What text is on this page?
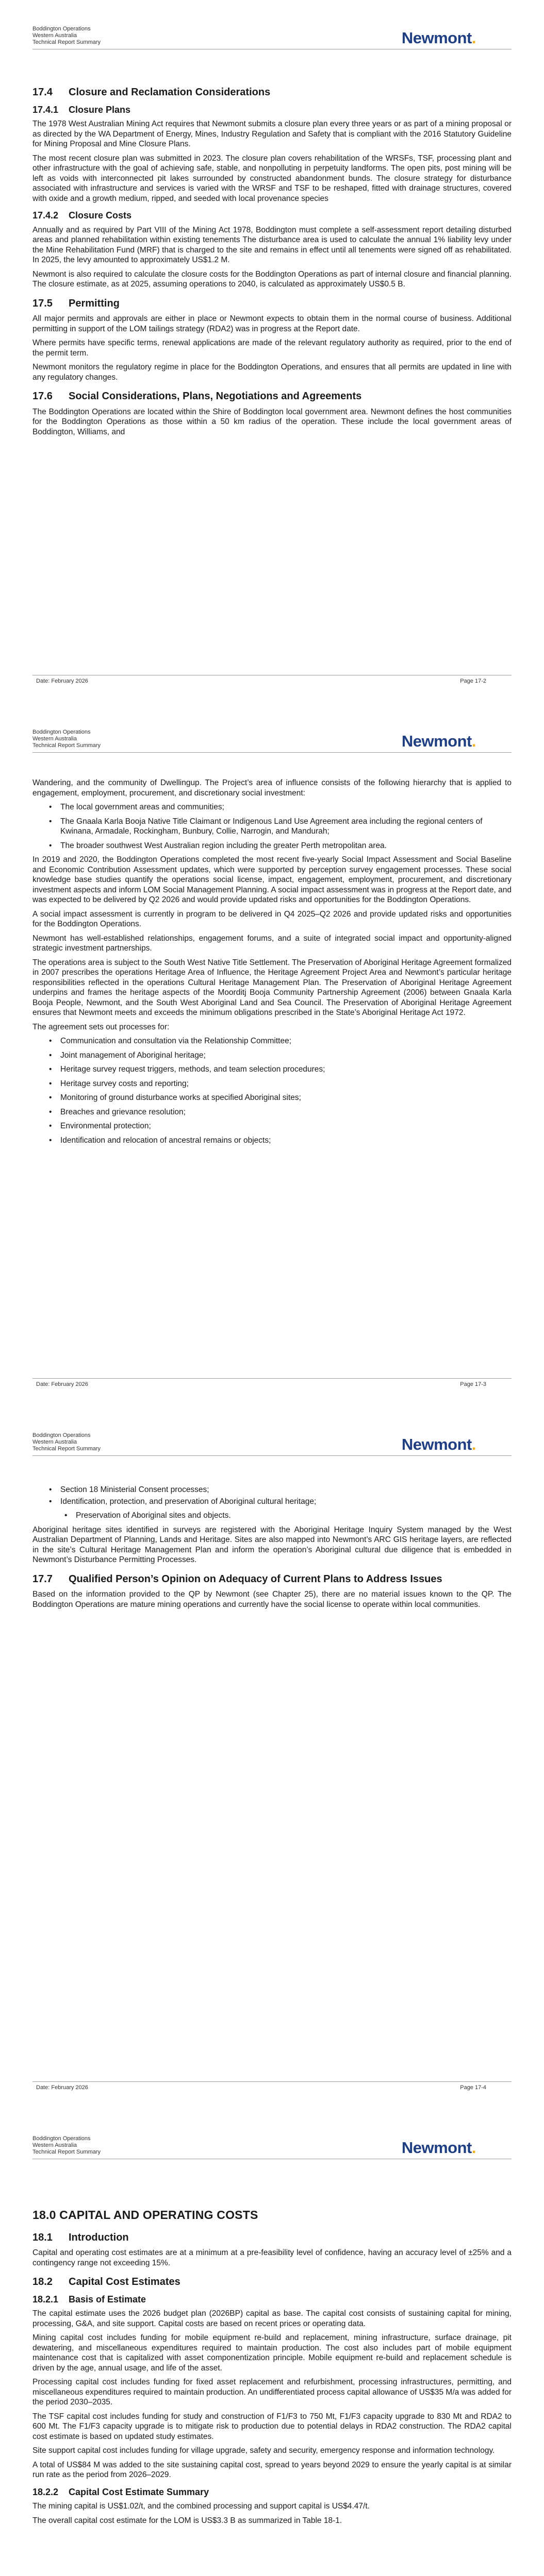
Boddington Operations
Western Australia
Technical Report Summary	Newmont.
17.4	Closure and Reclamation Considerations
17.4.1	Closure Plans

The 1978 West Australian Mining Act requires that Newmont submits a closure plan every three years or as part of a mining proposal or as directed by the WA Department of Energy, Mines, Industry Regulation and Safety that is compliant with the 2016 Statutory Guideline for Mining Proposal and Mine Closure Plans.

The most recent closure plan was submitted in 2023. The closure plan covers rehabilitation of the WRSFs, TSF, processing plant and other infrastructure with the goal of achieving safe, stable, and nonpolluting in perpetuity landforms. The open pits, post mining will be left as voids with interconnected pit lakes surrounded by constructed abandonment bunds. The closure strategy for disturbance associated with infrastructure and services is varied with the WRSF and TSF to be reshaped, fitted with drainage structures, covered with oxide and a growth medium, ripped, and seeded with local provenance species

17.4.2	Closure Costs

Annually and as required by Part VIII of the Mining Act 1978, Boddington must complete a self-assessment report detailing disturbed areas and planned rehabilitation within existing tenements The disturbance area is used to calculate the annual 1% liability levy under the Mine Rehabilitation Fund (MRF) that is charged to the site and remains in effect until all tenements were signed off as rehabilitated. In 2025, the levy amounted to approximately US$1.2 M.

Newmont is also required to calculate the closure costs for the Boddington Operations as part of internal closure and financial planning. The closure estimate, as at 2025, assuming operations to 2040, is calculated as approximately US$0.5 B.

17.5	Permitting

All major permits and approvals are either in place or Newmont expects to obtain them in the normal course of business. Additional permitting in support of the LOM tailings strategy (RDA2) was in progress at the Report date.

Where permits have specific terms, renewal applications are made of the relevant regulatory authority as required, prior to the end of the permit term.

Newmont monitors the regulatory regime in place for the Boddington Operations, and ensures that all permits are updated in line with any regulatory changes.

17.6	Social Considerations, Plans, Negotiations and Agreements

The Boddington Operations are located within the Shire of Boddington local government area. Newmont defines the host communities for the Boddington Operations as those within a 50 km radius of the operation. These include the local government areas of Boddington, Williams, and

Date: February 2026	Page 17-2
Boddington Operations
Western Australia
Technical Report Summary	Newmont.

Wandering, and the community of Dwellingup. The Project’s area of influence consists of the following hierarchy that is applied to engagement, employment, procurement, and discretionary social investment:

• The local government areas and communities;
• The Gnaala Karla Booja Native Title Claimant or Indigenous Land Use Agreement area including the regional centers of Kwinana, Armadale, Rockingham, Bunbury, Collie, Narrogin, and Mandurah;
• The broader southwest West Australian region including the greater Perth metropolitan area.

In 2019 and 2020, the Boddington Operations completed the most recent five-yearly Social Impact Assessment and Social Baseline and Economic Contribution Assessment updates, which were supported by perception survey engagement processes. These social knowledge base studies quantify the operations social license, impact, engagement, employment, procurement, and discretionary investment aspects and inform LOM Social Management Planning. A social impact assessment was in progress at the Report date, and was expected to be delivered by Q2 2026 and would provide updated risks and opportunities for the Boddington Operations.

A social impact assessment is currently in program to be delivered in Q4 2025–Q2 2026 and provide updated risks and opportunities for the Boddington Operations.

Newmont has well-established relationships, engagement forums, and a suite of integrated social impact and opportunity-aligned strategic investment partnerships.

The operations area is subject to the South West Native Title Settlement. The Preservation of Aboriginal Heritage Agreement formalized in 2007 prescribes the operations Heritage Area of Influence, the Heritage Agreement Project Area and Newmont’s particular heritage responsibilities reflected in the operations Cultural Heritage Management Plan. The Preservation of Aboriginal Heritage Agreement underpins and frames the heritage aspects of the Moorditj Booja Community Partnership Agreement (2006) between Gnaala Karla Booja People, Newmont, and the South West Aboriginal Land and Sea Council. The Preservation of Aboriginal Heritage Agreement ensures that Newmont meets and exceeds the minimum obligations prescribed in the State’s Aboriginal Heritage Act 1972.

The agreement sets out processes for:

• Communication and consultation via the Relationship Committee;
• Joint management of Aboriginal heritage;
• Heritage survey request triggers, methods, and team selection procedures;
• Heritage survey costs and reporting;
• Monitoring of ground disturbance works at specified Aboriginal sites;
• Breaches and grievance resolution;
• Environmental protection;
• Identification and relocation of ancestral remains or objects;
Date: February 2026	Page 17-3
Boddington Operations
Western Australia
Technical Report Summary	Newmont.
• Section 18 Ministerial Consent processes;
• Identification, protection, and preservation of Aboriginal cultural heritage;
• Preservation of Aboriginal sites and objects.

Aboriginal heritage sites identified in surveys are registered with the Aboriginal Heritage Inquiry System managed by the West Australian Department of Planning, Lands and Heritage. Sites are also mapped into Newmont’s ARC GIS heritage layers, are reflected in the site’s Cultural Heritage Management Plan and inform the operation’s Aboriginal cultural due diligence that is embedded in Newmont’s Disturbance Permitting Processes.

17.7	Qualified Person’s Opinion on Adequacy of Current Plans to Address Issues

Based on the information provided to the QP by Newmont (see Chapter 25), there are no material issues known to the QP. The Boddington Operations are mature mining operations and currently have the social license to operate within local communities.

Date: February 2026	Page 17-4
Boddington Operations
Western Australia
Technical Report Summary	Newmont.
18.0 CAPITAL AND OPERATING COSTS
18.1	Introduction

Capital and operating cost estimates are at a minimum at a pre-feasibility level of confidence, having an accuracy level of ±25% and a contingency range not exceeding 15%.

18.2	Capital Cost Estimates
18.2.1	Basis of Estimate

The capital estimate uses the 2026 budget plan (2026BP) capital as base. The capital cost consists of sustaining capital for mining, processing, G&A, and site support. Capital costs are based on recent prices or operating data.

Mining capital cost includes funding for mobile equipment re-build and replacement, mining infrastructure, surface drainage, pit dewatering, and miscellaneous expenditures required to maintain production. The cost also includes part of mobile equipment maintenance cost that is capitalized with asset componentization principle. Mobile equipment re-build and replacement schedule is driven by the age, annual usage, and life of the asset.

Processing capital cost includes funding for fixed asset replacement and refurbishment, processing infrastructures, permitting, and miscellaneous expenditures required to maintain production. An undifferentiated process capital allowance of US$35 M/a was added for the period 2030–2035.

The TSF capital cost includes funding for study and construction of F1/F3 to 750 Mt, F1/F3 capacity upgrade to 830 Mt and RDA2 to 600 Mt. The F1/F3 capacity upgrade is to mitigate risk to production due to potential delays in RDA2 construction. The RDA2 capital cost estimate is based on updated study estimates.

Site support capital cost includes funding for village upgrade, safety and security, emergency response and information technology.

A total of US$84 M was added to the site sustaining capital cost, spread to years beyond 2029 to ensure the yearly capital is at similar run rate as the period from 2026–2029.

18.2.2	Capital Cost Estimate Summary

The mining capital is US$1.02/t, and the combined processing and support capital is US$4.47/t.

The overall capital cost estimate for the LOM is US$3.3 B as summarized in Table 18-1.
